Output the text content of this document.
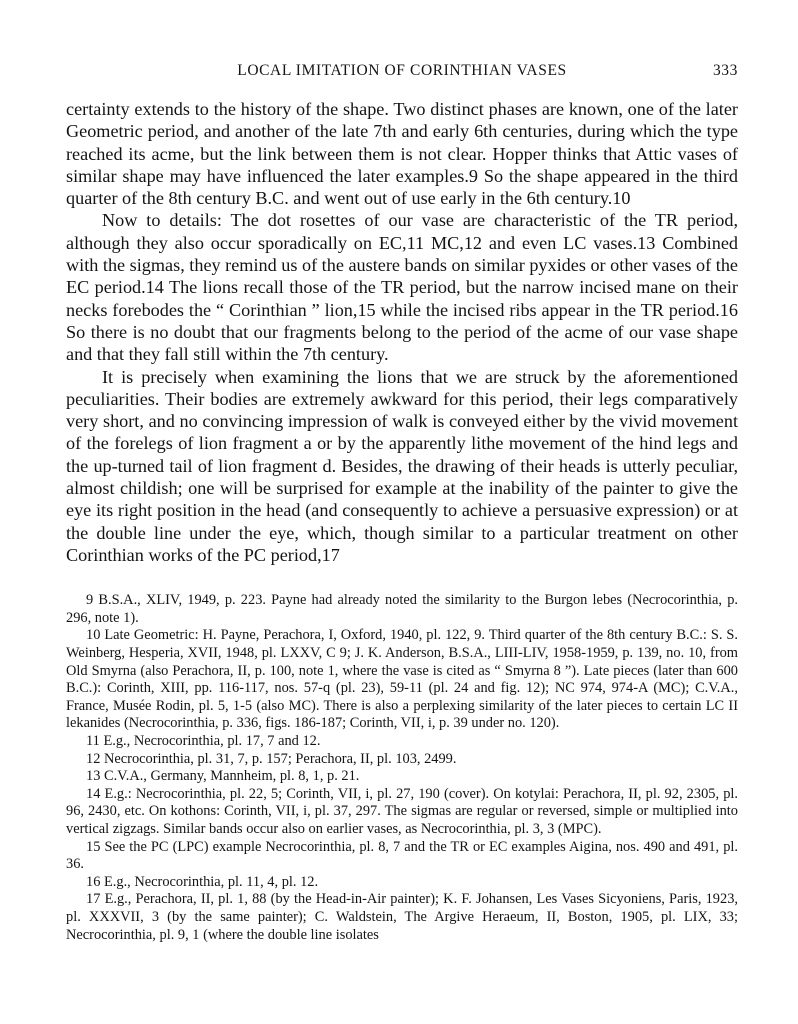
LOCAL IMITATION OF CORINTHIAN VASES	333

certainty extends to the history of the shape. Two distinct phases are known, one of the later Geometric period, and another of the late 7th and early 6th centuries, during which the type reached its acme, but the link between them is not clear. Hopper thinks that Attic vases of similar shape may have influenced the later examples.9 So the shape appeared in the third quarter of the 8th century B.C. and went out of use early in the 6th century.10

Now to details: The dot rosettes of our vase are characteristic of the TR period, although they also occur sporadically on EC,11 MC,12 and even LC vases.13 Combined with the sigmas, they remind us of the austere bands on similar pyxides or other vases of the EC period.14 The lions recall those of the TR period, but the narrow incised mane on their necks forebodes the “ Corinthian ” lion,15 while the incised ribs appear in the TR period.16 So there is no doubt that our fragments belong to the period of the acme of our vase shape and that they fall still within the 7th century.

It is precisely when examining the lions that we are struck by the aforementioned peculiarities. Their bodies are extremely awkward for this period, their legs comparatively very short, and no convincing impression of walk is conveyed either by the vivid movement of the forelegs of lion fragment a or by the apparently lithe movement of the hind legs and the up-turned tail of lion fragment d. Besides, the drawing of their heads is utterly peculiar, almost childish; one will be surprised for example at the inability of the painter to give the eye its right position in the head (and consequently to achieve a persuasive expression) or at the double line under the eye, which, though similar to a particular treatment on other Corinthian works of the PC period,17

9 B.S.A., XLIV, 1949, p. 223. Payne had already noted the similarity to the Burgon lebes (Necrocorinthia, p. 296, note 1).

10 Late Geometric: H. Payne, Perachora, I, Oxford, 1940, pl. 122, 9. Third quarter of the 8th century B.C.: S. S. Weinberg, Hesperia, XVII, 1948, pl. LXXV, C 9; J. K. Anderson, B.S.A., LIII-LIV, 1958-1959, p. 139, no. 10, from Old Smyrna (also Perachora, II, p. 100, note 1, where the vase is cited as “ Smyrna 8 ”). Late pieces (later than 600 B.C.): Corinth, XIII, pp. 116-117, nos. 57-q (pl. 23), 59-11 (pl. 24 and fig. 12); NC 974, 974-A (MC); C.V.A., France, Musée Rodin, pl. 5, 1-5 (also MC). There is also a perplexing similarity of the later pieces to certain LC II lekanides (Necrocorinthia, p. 336, figs. 186-187; Corinth, VII, i, p. 39 under no. 120).

11 E.g., Necrocorinthia, pl. 17, 7 and 12.

12 Necrocorinthia, pl. 31, 7, p. 157; Perachora, II, pl. 103, 2499.

13 C.V.A., Germany, Mannheim, pl. 8, 1, p. 21.

14 E.g.: Necrocorinthia, pl. 22, 5; Corinth, VII, i, pl. 27, 190 (cover). On kotylai: Perachora, II, pl. 92, 2305, pl. 96, 2430, etc. On kothons: Corinth, VII, i, pl. 37, 297. The sigmas are regular or reversed, simple or multiplied into vertical zigzags. Similar bands occur also on earlier vases, as Necrocorinthia, pl. 3, 3 (MPC).

15 See the PC (LPC) example Necrocorinthia, pl. 8, 7 and the TR or EC examples Aigina, nos. 490 and 491, pl. 36.

16 E.g., Necrocorinthia, pl. 11, 4, pl. 12.

17 E.g., Perachora, II, pl. 1, 88 (by the Head-in-Air painter); K. F. Johansen, Les Vases Sicyoniens, Paris, 1923, pl. XXXVII, 3 (by the same painter); C. Waldstein, The Argive Heraeum, II, Boston, 1905, pl. LIX, 33; Necrocorinthia, pl. 9, 1 (where the double line isolates
